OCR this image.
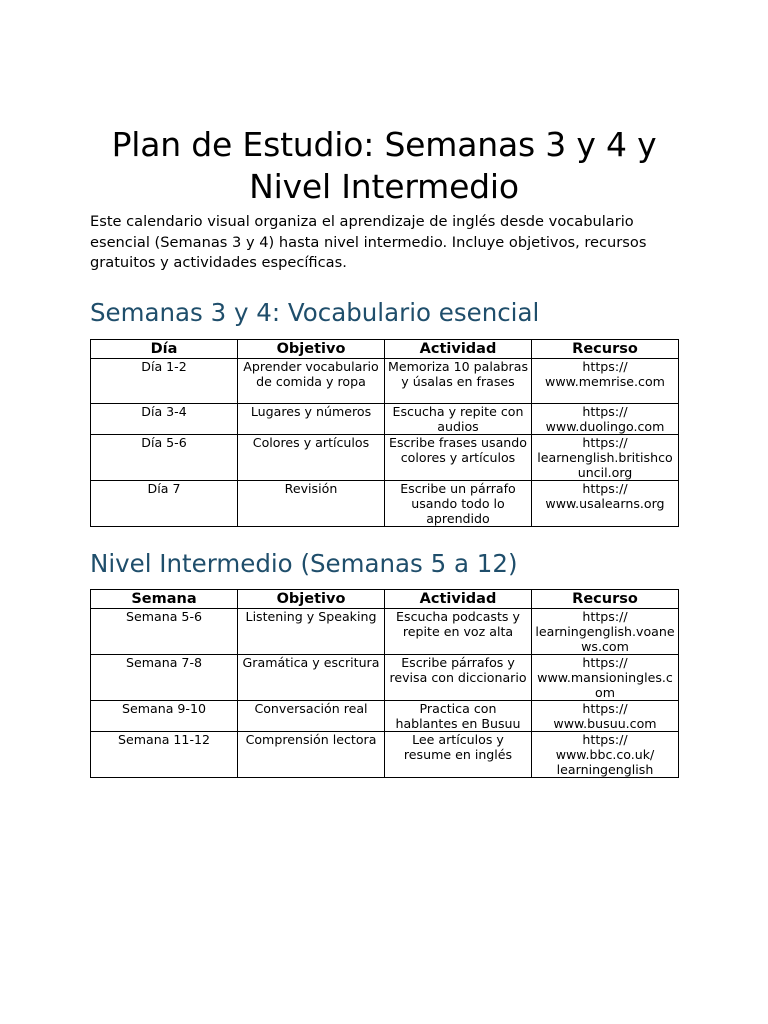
Plan de Estudio: Semanas 3 y 4 y Nivel Intermedio

Este calendario visual organiza el aprendizaje de inglés desde vocabulario esencial (Semanas 3 y 4) hasta nivel intermedio. Incluye objetivos, recursos gratuitos y actividades específicas.

Semanas 3 y 4: Vocabulario esencial
Día	Objetivo	Actividad	Recurso
Día 1-2	Aprender vocabulario de comida y ropa	Memoriza 10 palabras y úsalas en frases	https://
www.memrise.com
Día 3-4	Lugares y números	Escucha y repite con audios	https://
www.duolingo.com
Día 5-6	Colores y artículos	Escribe frases usando colores y artículos	https://
learnenglish.britishcouncil.org
Día 7	Revisión	Escribe un párrafo usando todo lo aprendido	https://
www.usalearns.org
Nivel Intermedio (Semanas 5 a 12)
Semana	Objetivo	Actividad	Recurso
Semana 5-6	Listening y Speaking	Escucha podcasts y repite en voz alta	https://
learningenglish.voanews.com
Semana 7-8	Gramática y escritura	Escribe párrafos y revisa con diccionario	https://
www.mansioningles.com
Semana 9-10	Conversación real	Practica con hablantes en Busuu	https://
www.busuu.com
Semana 11-12	Comprensión lectora	Lee artículos y resume en inglés	https://
www.bbc.co.uk/
learningenglish
